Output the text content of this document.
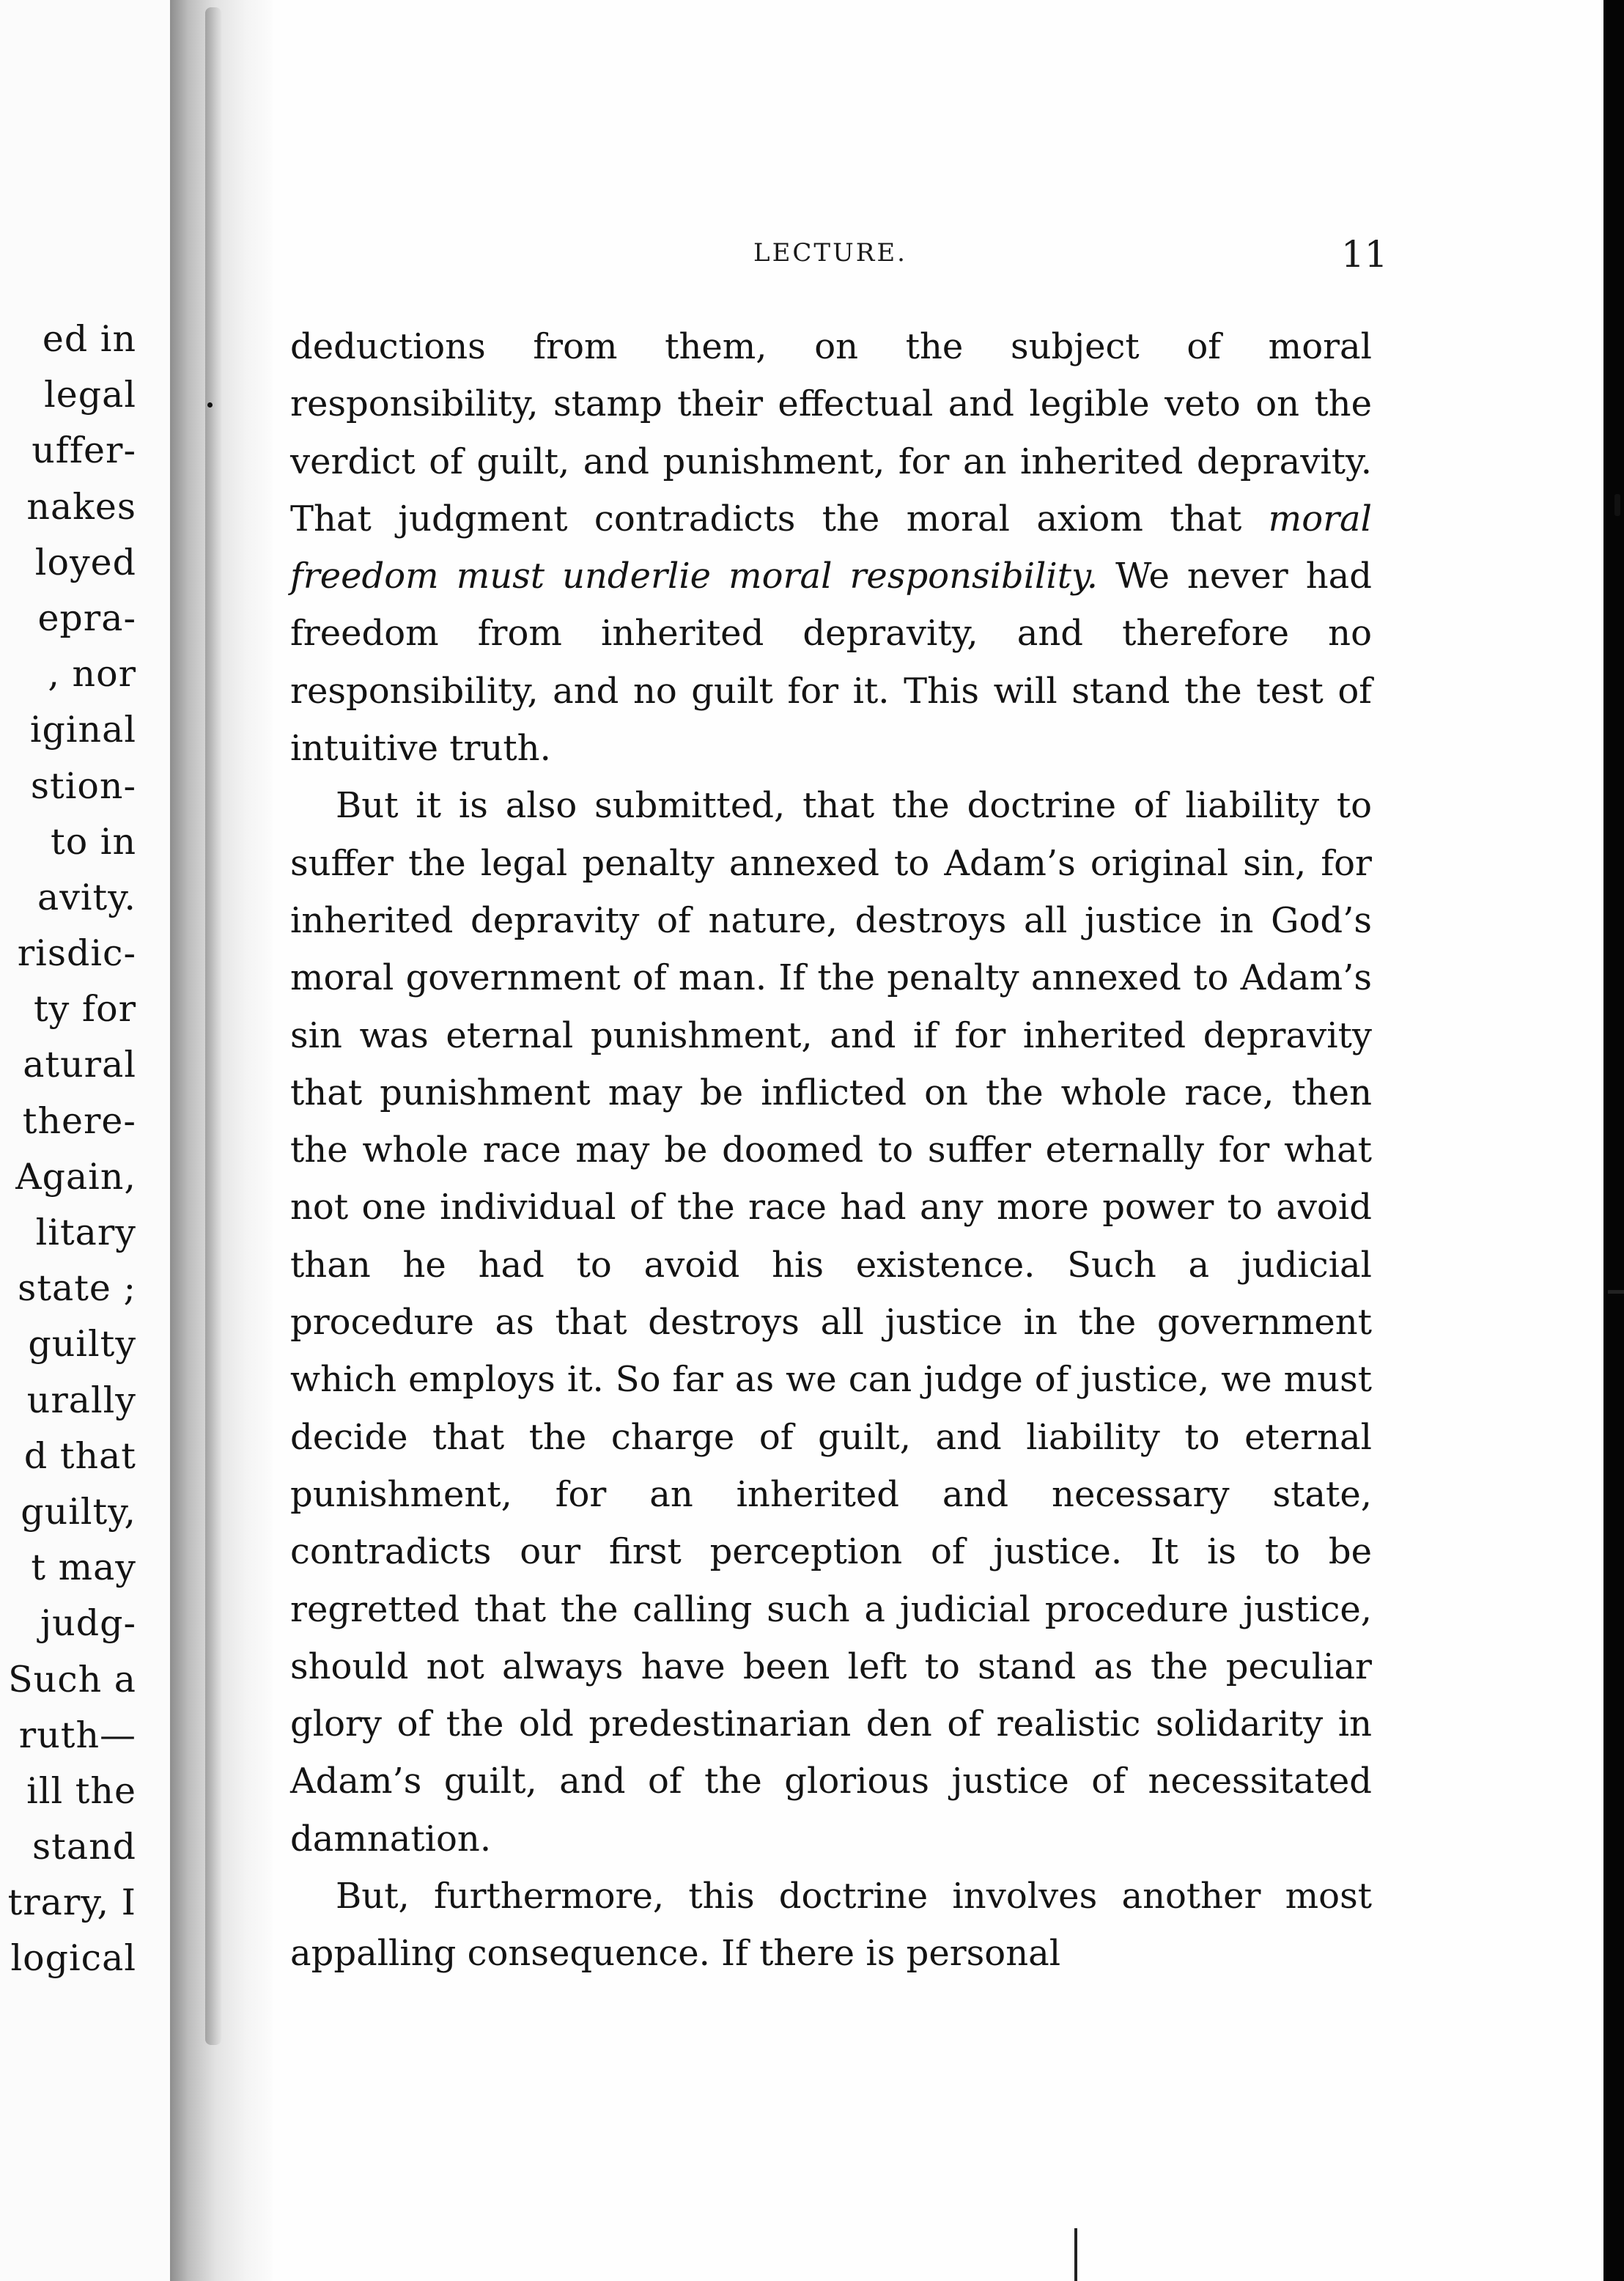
ed in
legal
uffer-
nakes
loyed
epra-
, nor
iginal
stion-
to in
avity.
risdic-
ty for
atural
there-
Again,
litary
state ;
guilty
urally
d that
guilty,
t may
judg-
Such a
ruth—
ill the
stand
trary, I
logical
LECTURE.	11

deductions from them, on the subject of moral responsibility, stamp their effectual and legible veto on the verdict of guilt, and punishment, for an inherited depravity. That judgment contradicts the moral axiom that moral freedom must underlie moral responsibility. We never had freedom from inherited depravity, and therefore no responsibility, and no guilt for it. This will stand the test of intuitive truth.

But it is also submitted, that the doctrine of liability to suffer the legal penalty annexed to Adam’s original sin, for inherited depravity of nature, destroys all justice in God’s moral government of man. If the penalty annexed to Adam’s sin was eternal punishment, and if for inherited depravity that punishment may be inflicted on the whole race, then the whole race may be doomed to suffer eternally for what not one individual of the race had any more power to avoid than he had to avoid his existence. Such a judicial procedure as that destroys all justice in the government which employs it. So far as we can judge of justice, we must decide that the charge of guilt, and liability to eternal punishment, for an inherited and necessary state, contradicts our first perception of justice. It is to be regretted that the calling such a judicial procedure justice, should not always have been left to stand as the peculiar glory of the old predestinarian den of realistic solidarity in Adam’s guilt, and of the glorious justice of necessitated damnation.

But, furthermore, this doctrine involves another most appalling consequence. If there is personal
